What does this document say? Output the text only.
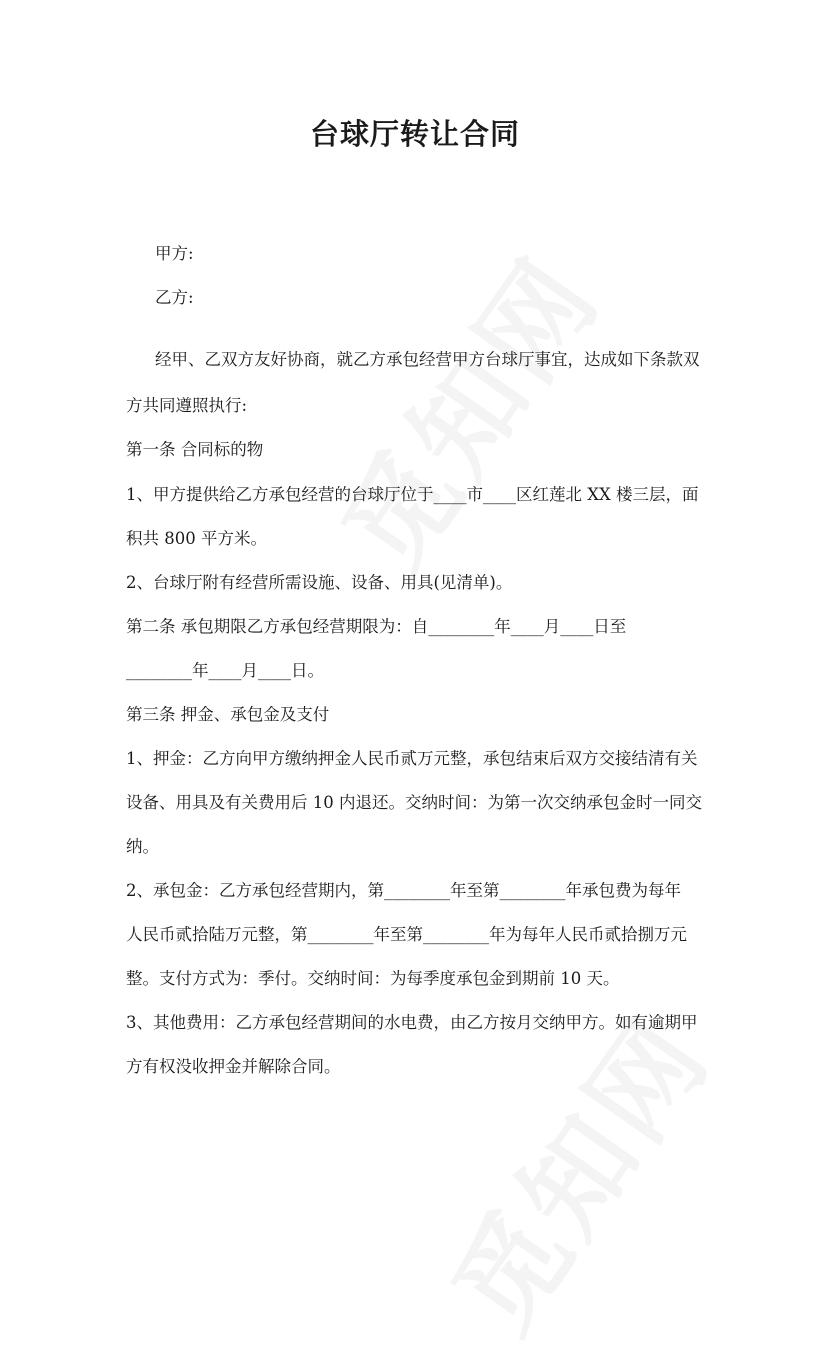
台球厅转让合同
甲方:
乙方:
经甲、乙双方友好协商，就乙方承包经营甲方台球厅事宜，达成如下条款双
方共同遵照执行:
第一条 合同标的物
1、甲方提供给乙方承包经营的台球厅位于____市____区红莲北 XX 楼三层，面
积共 800 平方米。
2、台球厅附有经营所需设施、设备、用具(见清单)。
第二条 承包期限乙方承包经营期限为：自________年____月____日至
________年____月____日。
第三条 押金、承包金及支付
1、押金：乙方向甲方缴纳押金人民币贰万元整，承包结束后双方交接结清有关
设备、用具及有关费用后 10 内退还。交纳时间：为第一次交纳承包金时一同交
纳。
2、承包金：乙方承包经营期内，第________年至第________年承包费为每年
人民币贰拾陆万元整，第________年至第________年为每年人民币贰拾捌万元
整。支付方式为：季付。交纳时间：为每季度承包金到期前 10 天。
3、其他费用：乙方承包经营期间的水电费，由乙方按月交纳甲方。如有逾期甲
方有权没收押金并解除合同。
